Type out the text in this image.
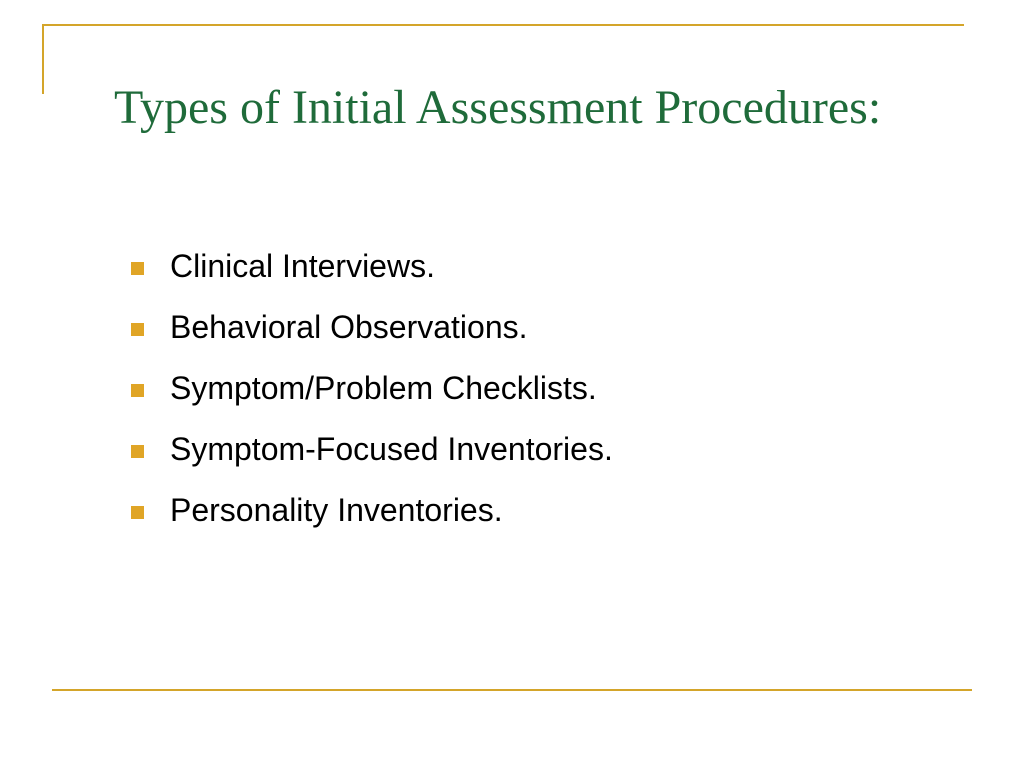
Types of Initial Assessment Procedures:
Clinical Interviews.
Behavioral Observations.
Symptom/Problem Checklists.
Symptom-Focused Inventories.
Personality Inventories.
